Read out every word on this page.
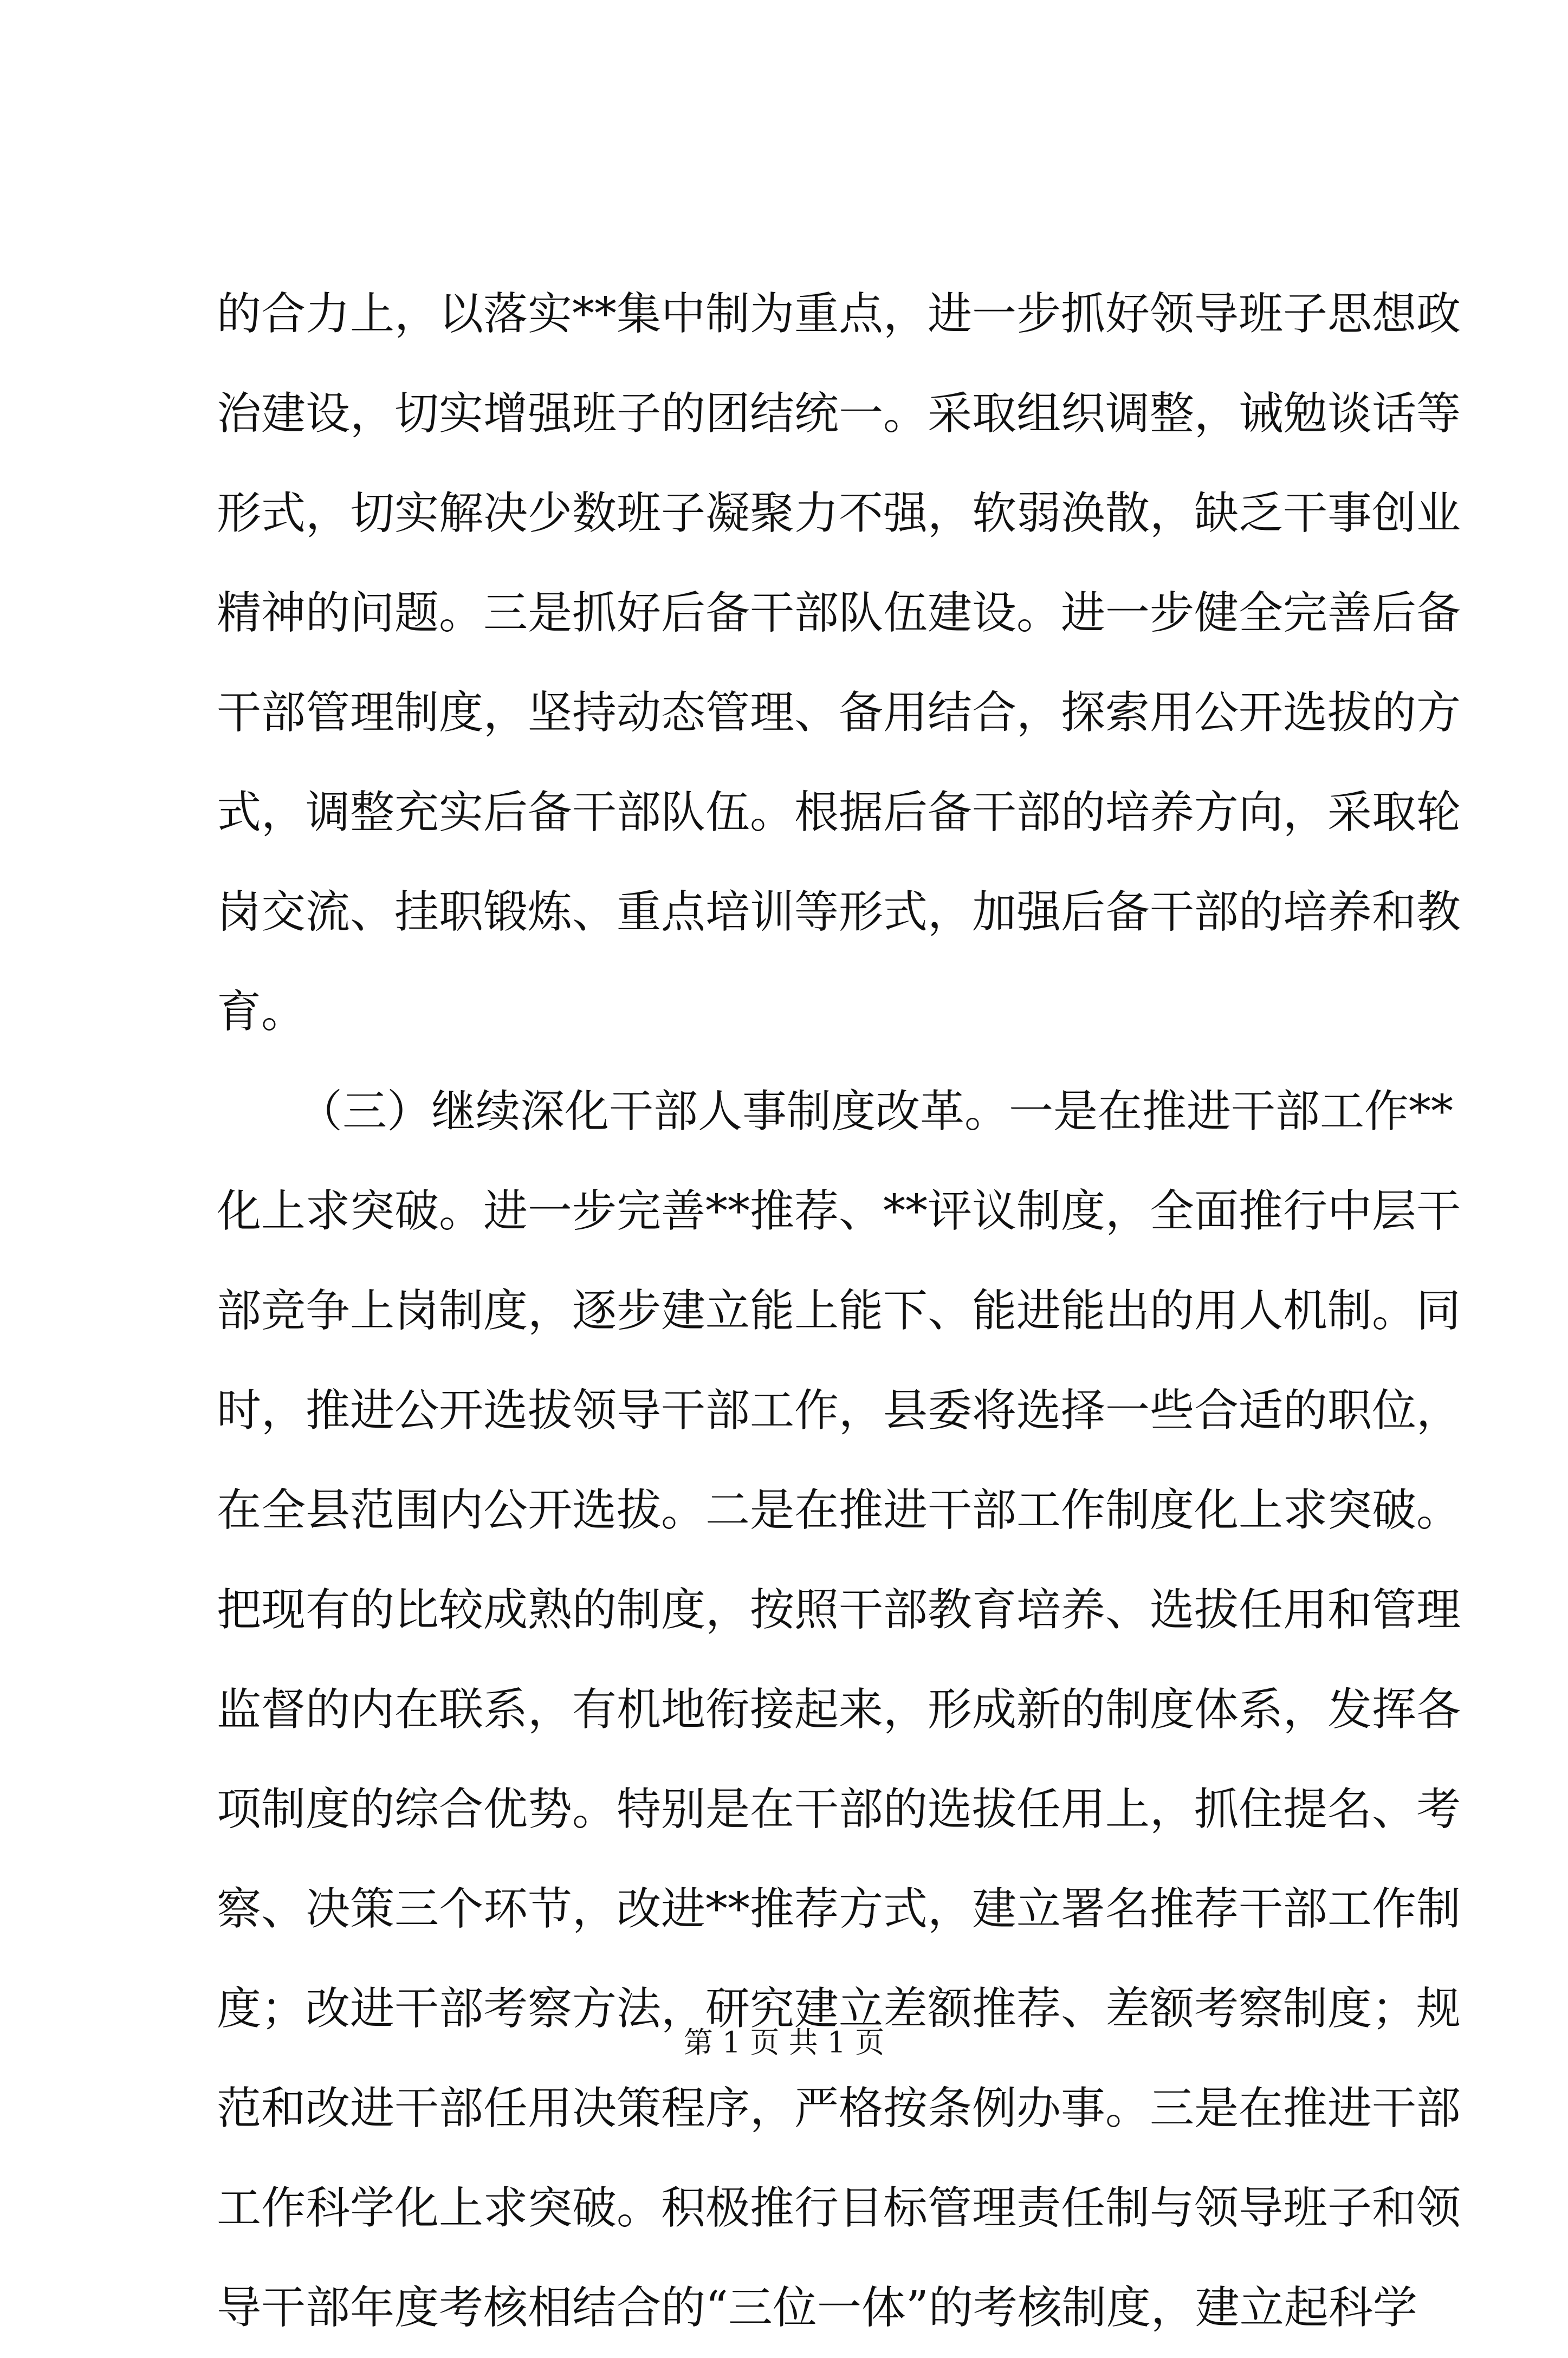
的合力上，以落实**集中制为重点，进一步抓好领导班子思想政
治建设，切实增强班子的团结统一。采取组织调整，诫勉谈话等
形式，切实解决少数班子凝聚力不强，软弱涣散，缺乏干事创业
精神的问题。三是抓好后备干部队伍建设。进一步健全完善后备
干部管理制度，坚持动态管理、备用结合，探索用公开选拔的方
式，调整充实后备干部队伍。根据后备干部的培养方向，采取轮
岗交流、挂职锻炼、重点培训等形式，加强后备干部的培养和教
育。
（三）继续深化干部人事制度改革。一是在推进干部工作**
化上求突破。进一步完善**推荐、**评议制度，全面推行中层干
部竞争上岗制度，逐步建立能上能下、能进能出的用人机制。同
时，推进公开选拔领导干部工作，县委将选择一些合适的职位，
在全县范围内公开选拔。二是在推进干部工作制度化上求突破。
把现有的比较成熟的制度，按照干部教育培养、选拔任用和管理
监督的内在联系，有机地衔接起来，形成新的制度体系，发挥各
项制度的综合优势。特别是在干部的选拔任用上，抓住提名、考
察、决策三个环节，改进**推荐方式，建立署名推荐干部工作制
度；改进干部考察方法，研究建立差额推荐、差额考察制度；规
范和改进干部任用决策程序，严格按条例办事。三是在推进干部
工作科学化上求突破。积极推行目标管理责任制与领导班子和领
导干部年度考核相结合的“三位一体”的考核制度，建立起科学
第 1 页 共 1 页
